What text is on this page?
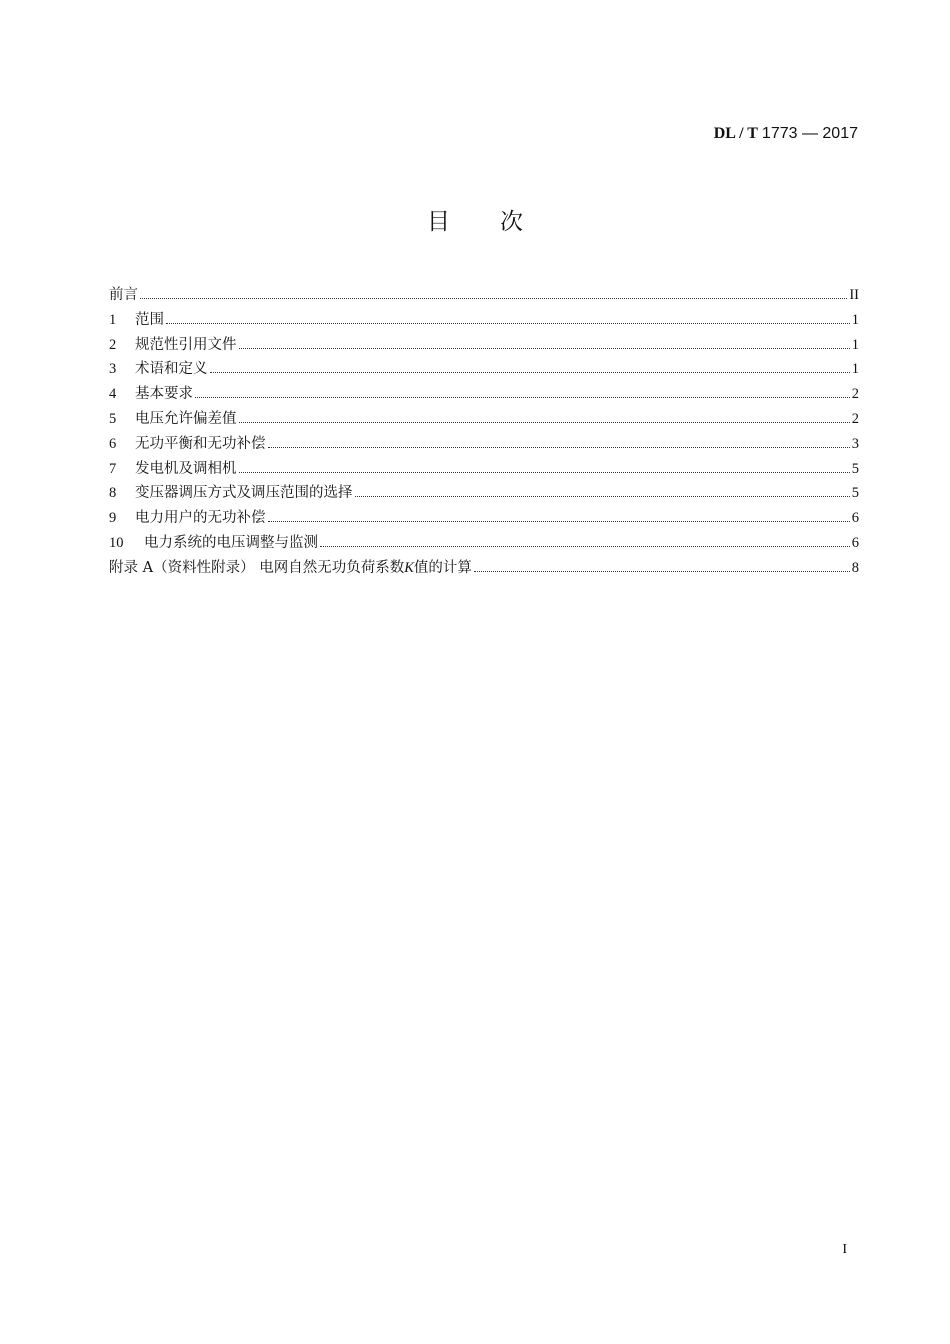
DL / T 1773 — 2017
目次
前言	II
1	范围	1
2	规范性引用文件	1
3	术语和定义	1
4	基本要求	2
5	电压允许偏差值	2
6	无功平衡和无功补偿	3
7	发电机及调相机	5
8	变压器调压方式及调压范围的选择	5
9	电力用户的无功补偿	6
10	电力系统的电压调整与监测	6
附录 A（资料性附录） 电网自然无功负荷系数K值的计算	8
I
